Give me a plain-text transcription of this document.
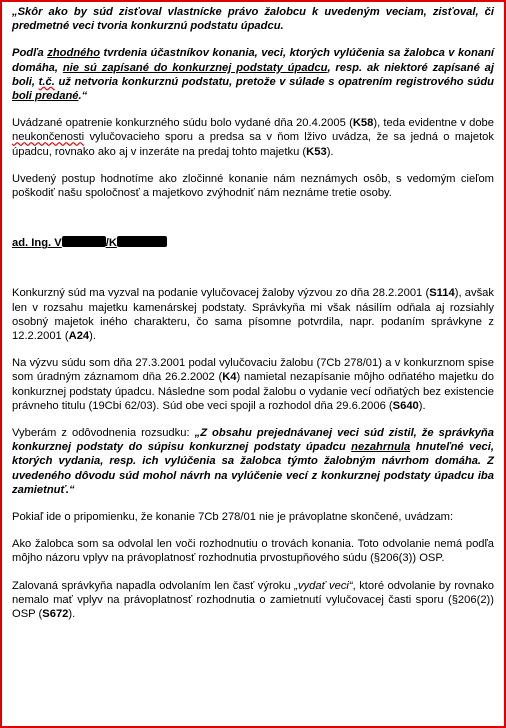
„Skôr ako by súd zisťoval vlastnícke právo žalobcu k uvedeným veciam, zisťoval, či predmetné veci tvoria konkurznú podstatu úpadcu.

Podľa zhodného tvrdenia účastníkov konania, veci, ktorých vylúčenia sa žalobca v konaní domáha, nie sú zapísané do konkurznej podstaty úpadcu, resp. ak niektoré zapísané aj boli, t.č. už netvoria konkurznú podstatu, pretože v súlade s opatrením registrového súdu boli predané.“

Uvádzané opatrenie konkurzného súdu bolo vydané dňa 20.4.2005 (K58), teda evidentne v dobe neukončenosti vylučovacieho sporu a predsa sa v ňom lživo uvádza, že sa jedná o majetok úpadcu, rovnako ako aj v inzeráte na predaj tohto majetku (K53).

Uvedený postup hodnotíme ako zločinné konanie nám neznámych osôb, s vedomým cieľom poškodiť našu spoločnosť a majetkovo zvýhodniť nám neznáme tretie osoby.

ad. Ing. V	/K

Konkurzný súd ma vyzval na podanie vylučovacej žaloby výzvou zo dňa 28.2.2001 (S114), avšak len v rozsahu majetku kamenárskej podstaty. Správkyňa mi však násilím odňala aj rozsiahly osobný majetok iného charakteru, čo sama písomne potvrdila, napr. podaním správkyne z 12.2.2001 (A24).

Na výzvu súdu som dňa 27.3.2001 podal vylučovaciu žalobu (7Cb 278/01) a v konkurznom spise som úradným záznamom dňa 26.2.2002 (K4) namietal nezapísanie môjho odňatého majetku do konkurznej podstaty úpadcu. Následne som podal žalobu o vydanie vecí odňatých bez existencie právneho titulu (19Cbi 62/03). Súd obe veci spojil a rozhodol dňa 29.6.2006 (S640).

Vyberám z odôvodnenia rozsudku: „Z obsahu prejednávanej veci súd zistil, že správkyňa konkurznej podstaty do súpisu konkurznej podstaty úpadcu nezahrnula hnuteľné veci, ktorých vydania, resp. ich vylúčenia sa žalobca týmto žalobným návrhom domáha. Z uvedeného dôvodu súd mohol návrh na vylúčenie vecí z konkurznej podstaty úpadcu iba zamietnuť.“

Pokiaľ ide o pripomienku, že konanie 7Cb 278/01 nie je právoplatne skončené, uvádzam:

Ako žalobca som sa odvolal len voči rozhodnutiu o trovách konania. Toto odvolanie nemá podľa môjho názoru vplyv na právoplatnosť rozhodnutia prvostupňového súdu (§206(3)) OSP.

Zalovaná správkyňa napadla odvolaním len časť výroku „vydať veci“, ktoré odvolanie by rovnako nemalo mať vplyv na právoplatnosť rozhodnutia o zamietnutí vylučovacej časti sporu (§206(2)) OSP (S672).
